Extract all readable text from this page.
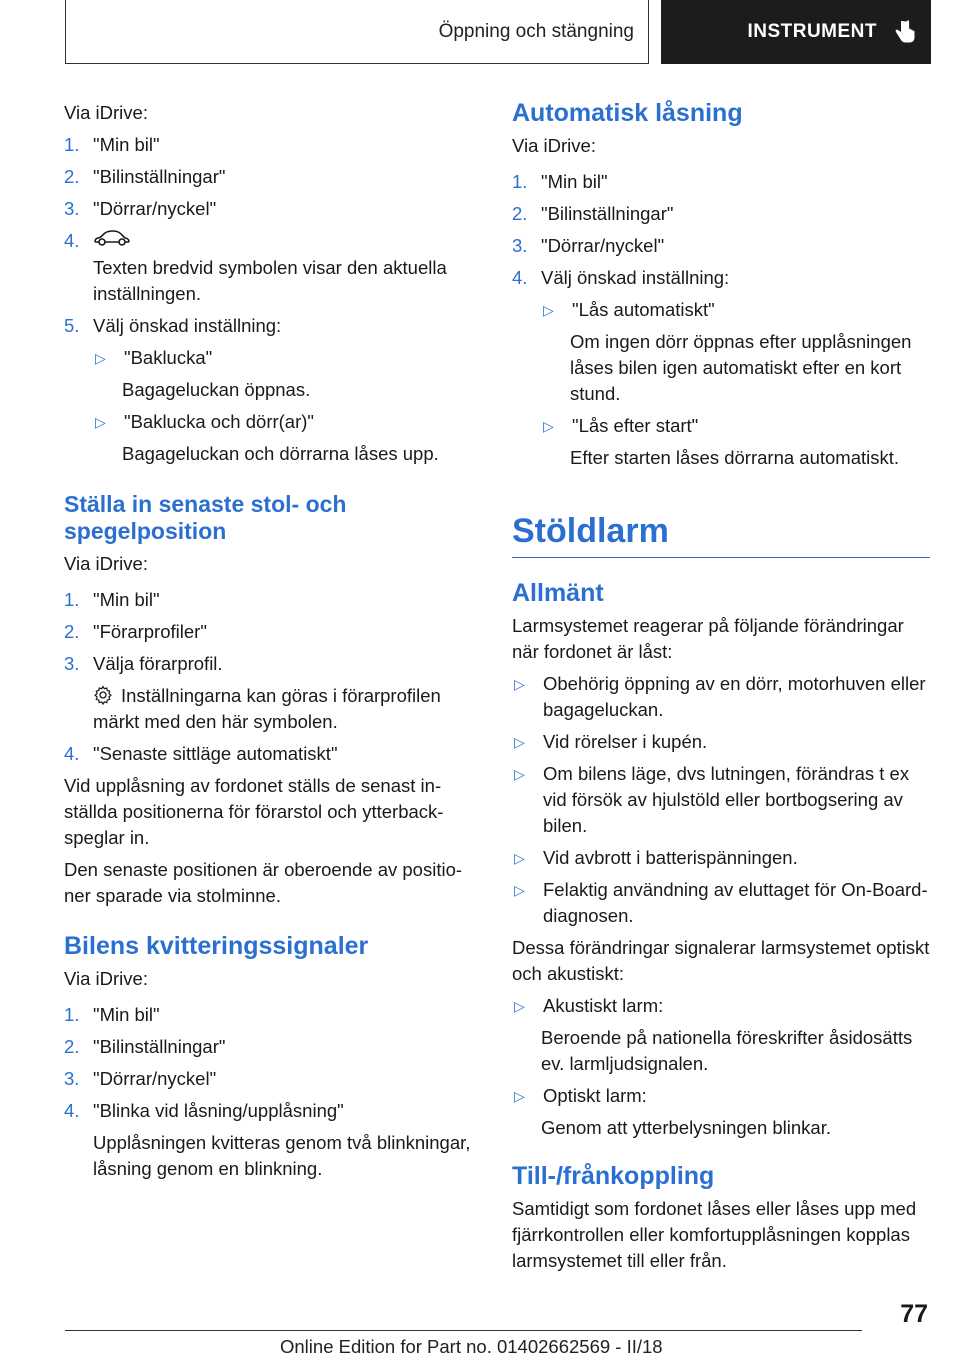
Öppning och stängning	INSTRUMENT

Via iDrive:

1. "Min bil"
2. "Bilinställningar"
3. "Dörrar/nyckel"
4.
Texten bredvid symbolen visar den aktuella inställningen.
5. Välj önskad inställning:
▷ "Baklucka"
Bagageluckan öppnas.
▷ "Baklucka och dörr(ar)"
Bagageluckan och dörrarna låses upp.
Ställa in senaste stol- och spegelposition

Via iDrive:

1. "Min bil"
2. "Förarprofiler"
3. Välja förarprofil.
Inställningarna kan göras i förarprofilen märkt med den här symbolen.
4. "Senaste sittläge automatiskt"

Vid upplåsning av fordonet ställs de senast inställda positionerna för förarstol och ytterbackspeglar in.

Den senaste positionen är oberoende av positioner sparade via stolminne.

Bilens kvitteringssignaler

Via iDrive:

1. "Min bil"
2. "Bilinställningar"
3. "Dörrar/nyckel"
4. "Blinka vid låsning/upplåsning"
Upplåsningen kvitteras genom två blinkningar, låsning genom en blinkning.
Automatisk låsning

Via iDrive:

1. "Min bil"
2. "Bilinställningar"
3. "Dörrar/nyckel"
4. Välj önskad inställning:
▷ "Lås automatiskt"
Om ingen dörr öppnas efter upplåsningen låses bilen igen automatiskt efter en kort stund.
▷ "Lås efter start"
Efter starten låses dörrarna automatiskt.
Stöldlarm
Allmänt

Larmsystemet reagerar på följande förändringar när fordonet är låst:

▷ Obehörig öppning av en dörr, motorhuven eller bagageluckan.
▷ Vid rörelser i kupén.
▷ Om bilens läge, dvs lutningen, förändras t ex vid försök av hjulstöld eller bortbogsering av bilen.
▷ Vid avbrott i batterispänningen.
▷ Felaktig användning av eluttaget för On-Board-diagnosen.

Dessa förändringar signalerar larmsystemet optiskt och akustiskt:

▷ Akustiskt larm:
Beroende på nationella föreskrifter åsidosätts ev. larmljudsignalen.
▷ Optiskt larm:
Genom att ytterbelysningen blinkar.
Till-/frånkoppling

Samtidigt som fordonet låses eller låses upp med fjärrkontrollen eller komfortupplåsningen kopplas larmsystemet till eller från.

77
Online Edition for Part no. 01402662569 - II/18
